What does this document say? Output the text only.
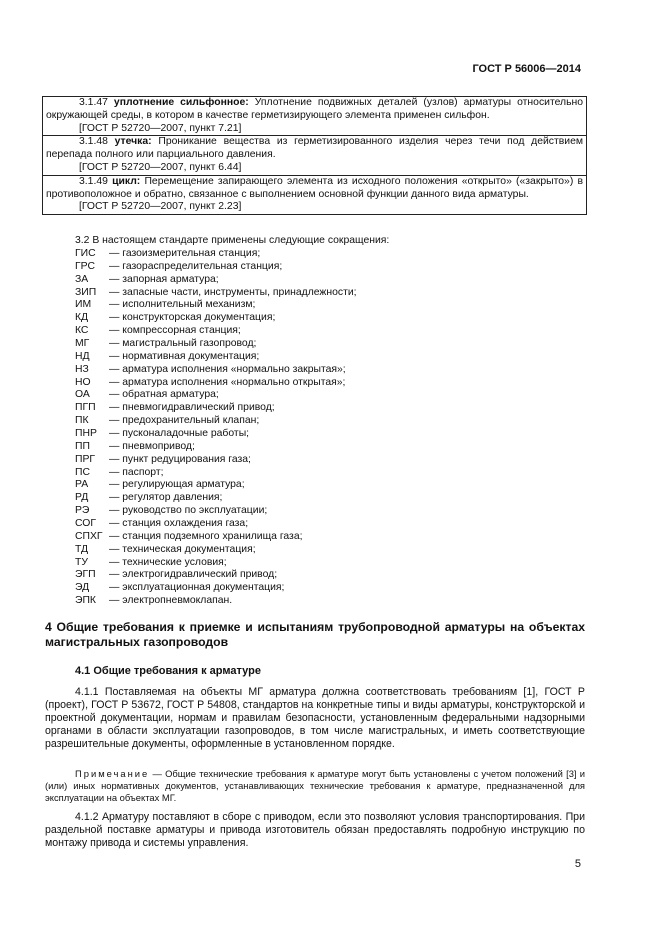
ГОСТ Р 56006—2014

3.1.47 уплотнение сильфонное: Уплотнение подвижных деталей (узлов) арматуры относительно окружающей среды, в котором в качестве герметизирующего элемента применен сильфон.

[ГОСТ Р 52720—2007, пункт 7.21]

3.1.48 утечка: Проникание вещества из герметизированного изделия через течи под действием перепада полного или парциального давления.

[ГОСТ Р 52720—2007, пункт 6.44]

3.1.49 цикл: Перемещение запирающего элемента из исходного положения «открыто» («закрыто») в противоположное и обратно, связанное с выполнением основной функции данного вида арматуры.

[ГОСТ Р 52720—2007, пункт 2.23]

3.2 В настоящем стандарте применены следующие сокращения:
ГИС	— газоизмерительная станция;
ГРС	— газораспределительная станция;
ЗА	— запорная арматура;
ЗИП	— запасные части, инструменты, принадлежности;
ИМ	— исполнительный механизм;
КД	— конструкторская документация;
КС	— компрессорная станция;
МГ	— магистральный газопровод;
НД	— нормативная документация;
НЗ	— арматура исполнения «нормально закрытая»;
НО	— арматура исполнения «нормально открытая»;
ОА	— обратная арматура;
ПГП	— пневмогидравлический привод;
ПК	— предохранительный клапан;
ПНР	— пусконаладочные работы;
ПП	— пневмопривод;
ПРГ	— пункт редуцирования газа;
ПС	— паспорт;
РА	— регулирующая арматура;
РД	— регулятор давления;
РЭ	— руководство по эксплуатации;
СОГ	— станция охлаждения газа;
СПХГ — станция подземного хранилища газа;
ТД	— техническая документация;
ТУ	— технические условия;
ЭГП	— электрогидравлический привод;
ЭД	— эксплуатационная документация;
ЭПК	— электропневмоклапан.
4 Общие требования к приемке и испытаниям трубопроводной арматуры на объектах магистральных газопроводов
4.1 Общие требования к арматуре

4.1.1 Поставляемая на объекты МГ арматура должна соответствовать требованиям [1], ГОСТ Р (проект), ГОСТ Р 53672, ГОСТ Р 54808, стандартов на конкретные типы и виды арматуры, конструкторской и проектной документации, нормам и правилам безопасности, установленным федеральными надзорными органами в области эксплуатации газопроводов, в том числе магистральных, и иметь соответствующие разрешительные документы, оформленные в установленном порядке.

Примечание — Общие технические требования к арматуре могут быть установлены с учетом положений [3] и (или) иных нормативных документов, устанавливающих технические требования к арматуре, предназначенной для эксплуатации на объектах МГ.

4.1.2 Арматуру поставляют в сборе с приводом, если это позволяют условия транспортирования. При раздельной поставке арматуры и привода изготовитель обязан предоставлять подробную инструкцию по монтажу привода и системы управления.

5
